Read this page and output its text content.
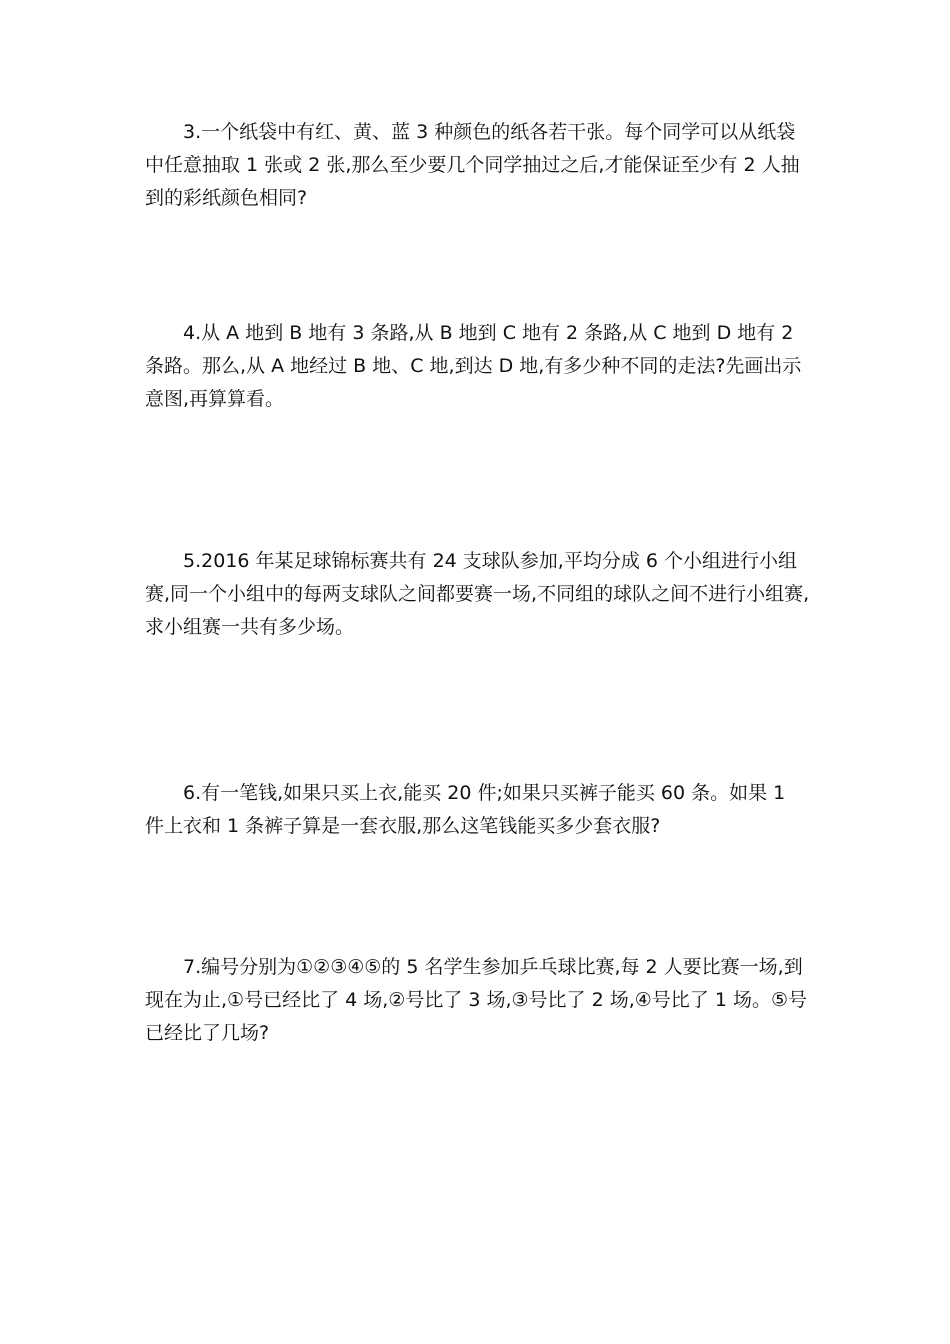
3.一个纸袋中有红、黄、蓝 3 种颜色的纸各若干张。每个同学可以从纸袋中任意抽取 1 张或 2 张,那么至少要几个同学抽过之后,才能保证至少有 2 人抽到的彩纸颜色相同?

4.从 A 地到 B 地有 3 条路,从 B 地到 C 地有 2 条路,从 C 地到 D 地有 2 条路。那么,从 A 地经过 B 地、C 地,到达 D 地,有多少种不同的走法?先画出示意图,再算算看。

5.2016 年某足球锦标赛共有 24 支球队参加,平均分成 6 个小组进行小组赛,同一个小组中的每两支球队之间都要赛一场,不同组的球队之间不进行小组赛,求小组赛一共有多少场。

6.有一笔钱,如果只买上衣,能买 20 件;如果只买裤子能买 60 条。如果 1 件上衣和 1 条裤子算是一套衣服,那么这笔钱能买多少套衣服?

7.编号分别为①②③④⑤的 5 名学生参加乒乓球比赛,每 2 人要比赛一场,到现在为止,①号已经比了 4 场,②号比了 3 场,③号比了 2 场,④号比了 1 场。⑤号已经比了几场?
